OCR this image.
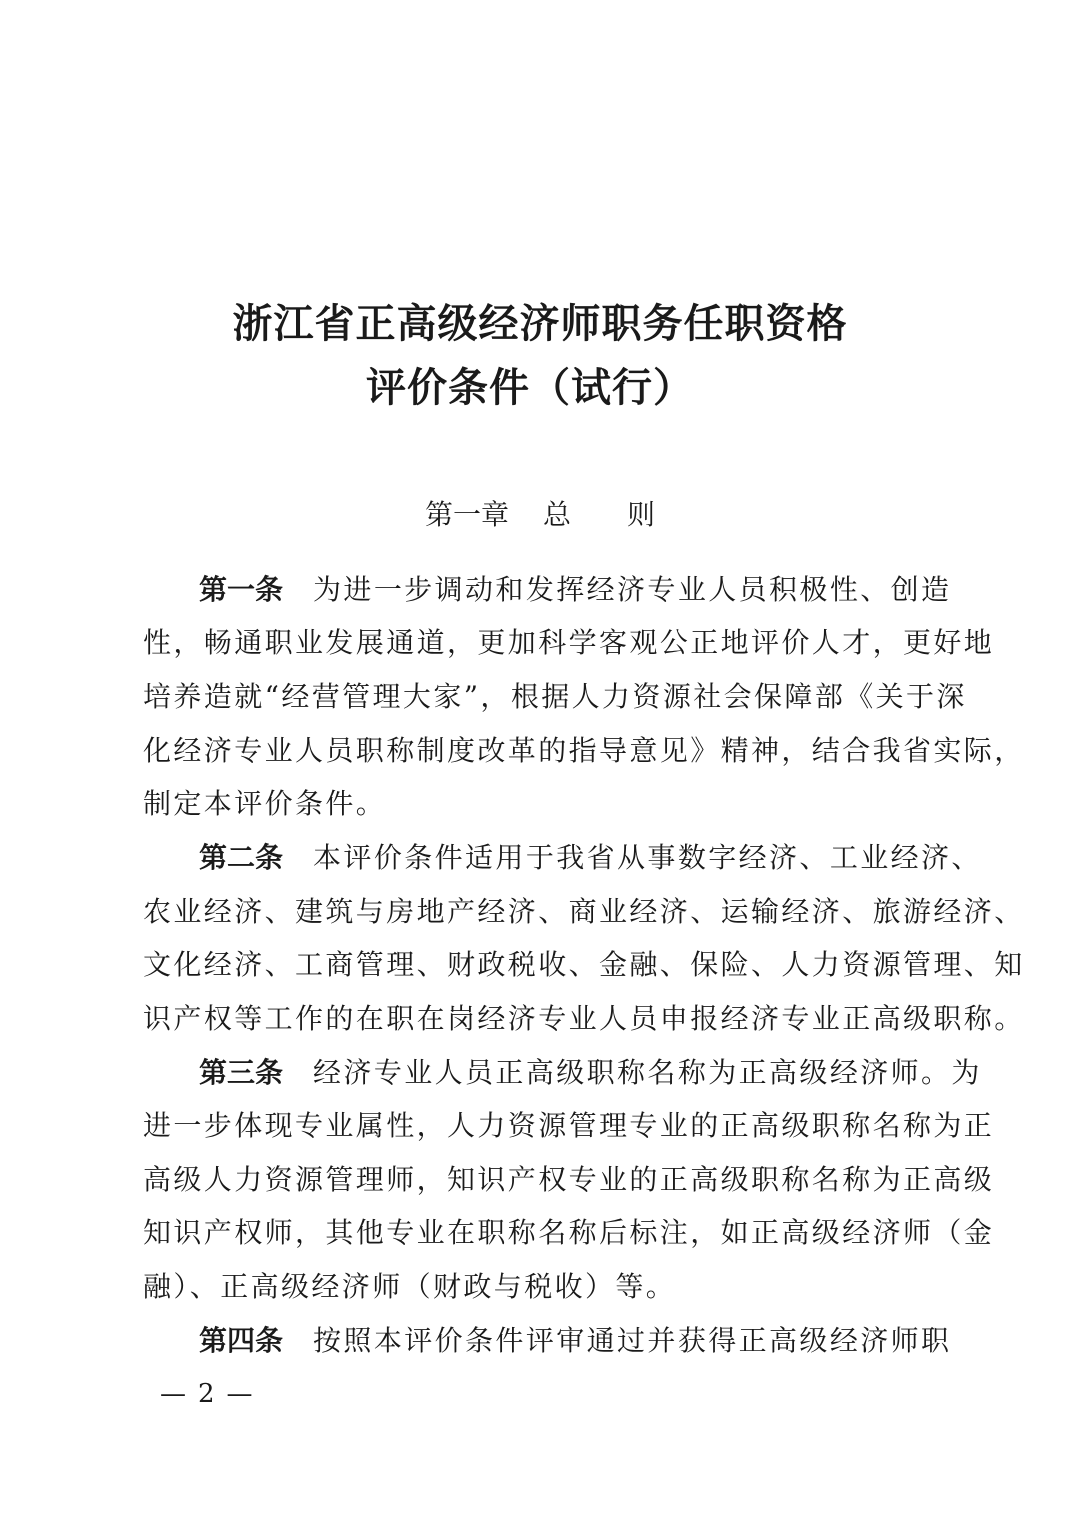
浙江省正高级经济师职务任职资格
评价条件（试行）
第一章 总 则
第一条 为进一步调动和发挥经济专业人员积极性、创造
性，畅通职业发展通道，更加科学客观公正地评价人才，更好地
培养造就“经营管理大家”，根据人力资源社会保障部《关于深
化经济专业人员职称制度改革的指导意见》精神，结合我省实际，
制定本评价条件。
第二条 本评价条件适用于我省从事数字经济、工业经济、
农业经济、建筑与房地产经济、商业经济、运输经济、旅游经济、
文化经济、工商管理、财政税收、金融、保险、人力资源管理、知
识产权等工作的在职在岗经济专业人员申报经济专业正高级职称。
第三条 经济专业人员正高级职称名称为正高级经济师。为
进一步体现专业属性，人力资源管理专业的正高级职称名称为正
高级人力资源管理师，知识产权专业的正高级职称名称为正高级
知识产权师，其他专业在职称名称后标注，如正高级经济师（金
融）、正高级经济师（财政与税收）等。
第四条 按照本评价条件评审通过并获得正高级经济师职
— 2 —
